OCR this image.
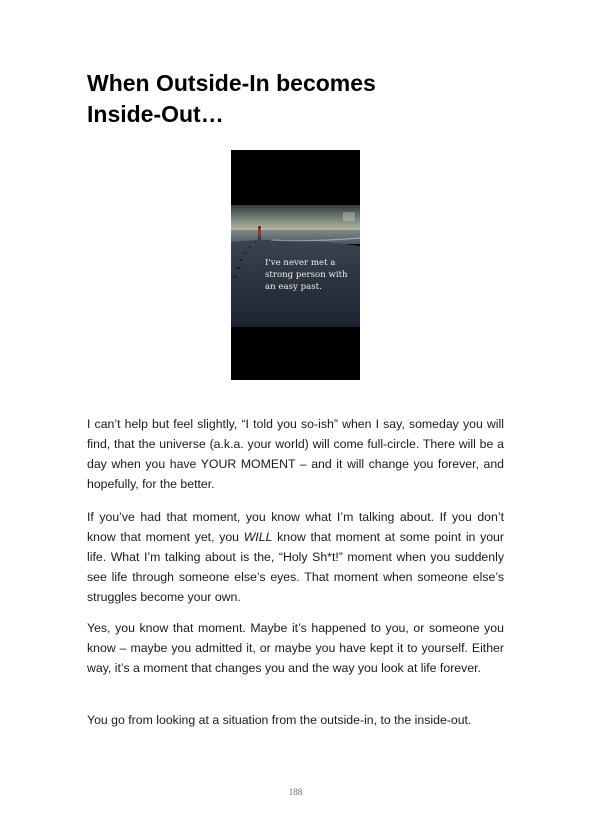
When Outside-In becomes
Inside-Out…
I've never met a
strong person with
an easy past.

I can’t help but feel slightly, “I told you so-ish” when I say, someday you will find, that the universe (a.k.a. your world) will come full-circle. There will be a day when you have YOUR MOMENT – and it will change you forever, and hopefully, for the better.

If you’ve had that moment, you know what I’m talking about. If you don’t know that moment yet, you WILL know that moment at some point in your life. What I’m talking about is the, “Holy Sh*t!” moment when you suddenly see life through someone else’s eyes. That moment when someone else’s struggles become your own.

Yes, you know that moment. Maybe it’s happened to you, or someone you know – maybe you admitted it, or maybe you have kept it to yourself. Either way, it’s a moment that changes you and the way you look at life forever.

You go from looking at a situation from the outside-in, to the inside-out.

188
